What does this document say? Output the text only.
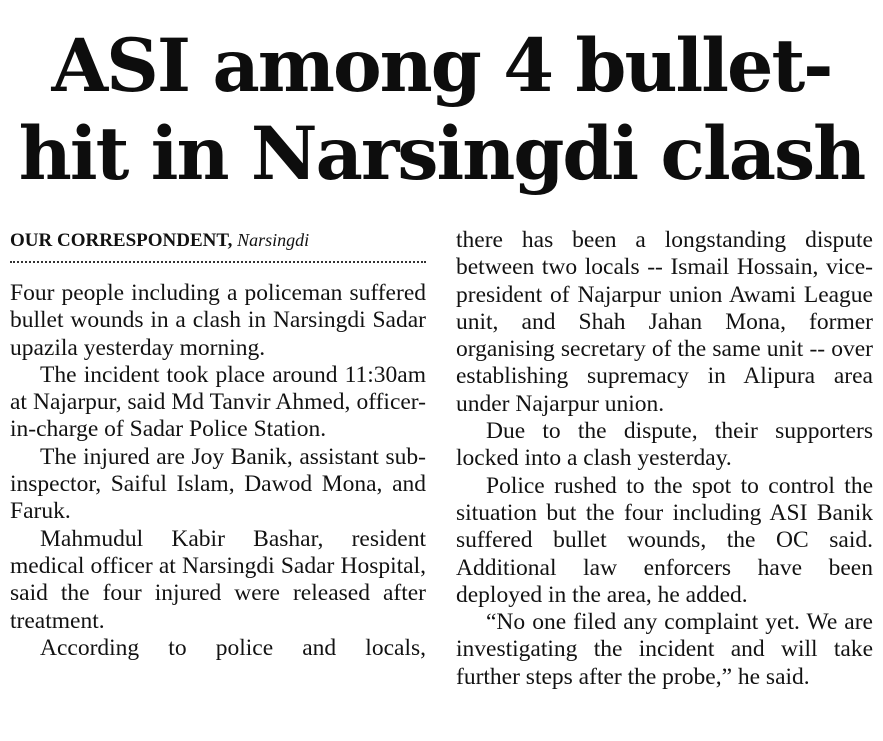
ASI among 4 bullet-
hit in Narsingdi clash
OUR CORRESPONDENT, Narsingdi

Four people including a policeman suffered bullet wounds in a clash in Narsingdi Sadar upazila yesterday morning.

The incident took place around 11:30am at Najarpur, said Md Tanvir Ahmed, officer-in-charge of Sadar Police Station.

The injured are Joy Banik, assistant sub-inspector, Saiful Islam, Dawod Mona, and Faruk.

Mahmudul Kabir Bashar, resident medical officer at Narsingdi Sadar Hospital, said the four injured were released after treatment.

According to police and locals,

there has been a longstanding dispute between two locals -- Ismail Hossain, vice-president of Najarpur union Awami League unit, and Shah Jahan Mona, former organising secretary of the same unit -- over establishing supremacy in Alipura area under Najarpur union.

Due to the dispute, their supporters locked into a clash yesterday.

Police rushed to the spot to control the situation but the four including ASI Banik suffered bullet wounds, the OC said. Additional law enforcers have been deployed in the area, he added.

“No one filed any complaint yet. We are investigating the incident and will take further steps after the probe,” he said.
